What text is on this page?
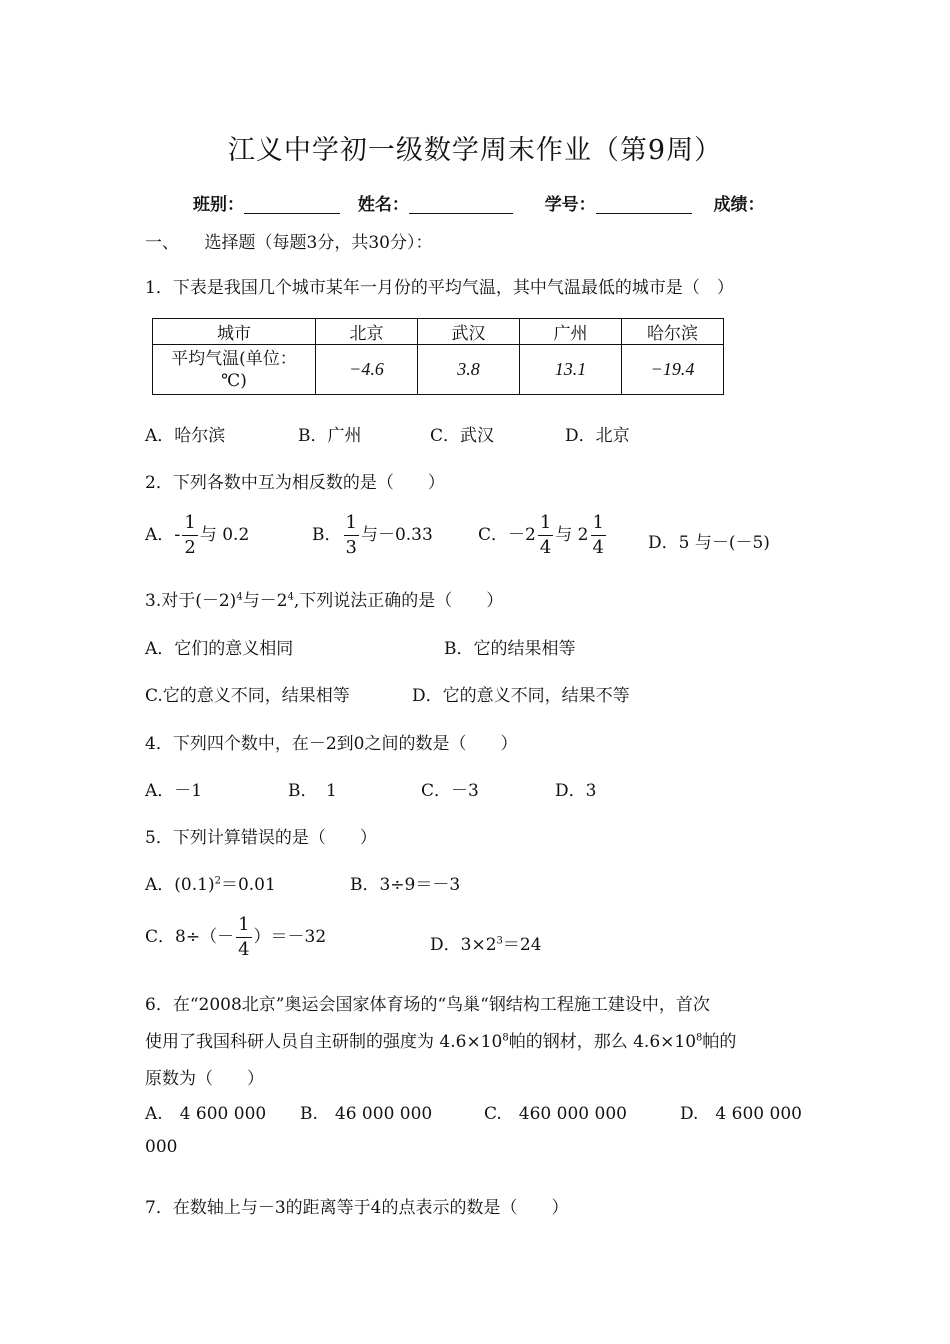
江义中学初一级数学周末作业（第9周）
班别：	姓名：	学号：	成绩：
一、　　选择题（每题3分，共30分）：
1．下表是我国几个城市某年一月份的平均气温，其中气温最低的城市是（　）
城市	北京	武汉	广州	哈尔滨
平均气温(单位：℃)	−4.6	3.8	13.1	−19.4
A．哈尔滨	B．广州	C．武汉	D．北京
2．下列各数中互为相反数的是（　　）
A．- $\frac{1}{2}$ 与 0.2	B． $\frac{1}{3}$ 与－0.33	C．$-2 \frac{1}{4}$ 与 $2 \frac{1}{4}$ D．5 与－(－5)
3.对于$(-2)^4$与$-2^4$,下列说法正确的是（　　）
A．它们的意义相同	B．它的结果相等
C.它的意义不同，结果相等	D．它的意义不同，结果不等
4．下列四个数中，在－2到0之间的数是（　　）
A．－1	B．　1	C．－3	D．3
5．下列计算错误的是（　　）
A．$(0.1)^2=0.01$	B．3÷9＝－3
C．$8\div(- \frac{1}{4} )=-32$	D．$3\times 2^3=24$
6．在“2008北京”奥运会国家体育场的“鸟巢“钢结构工程施工建设中，首次
使用了我国科研人员自主研制的强度为 $4.6\times 10^8$帕的钢材，那么 $4.6\times 10^8$帕的
原数为（　　）
A.　4 600 000 B.　46 000 000	C.　460 000 000	D.　4 600 000
000
7．在数轴上与－3的距离等于4的点表示的数是（　　）
